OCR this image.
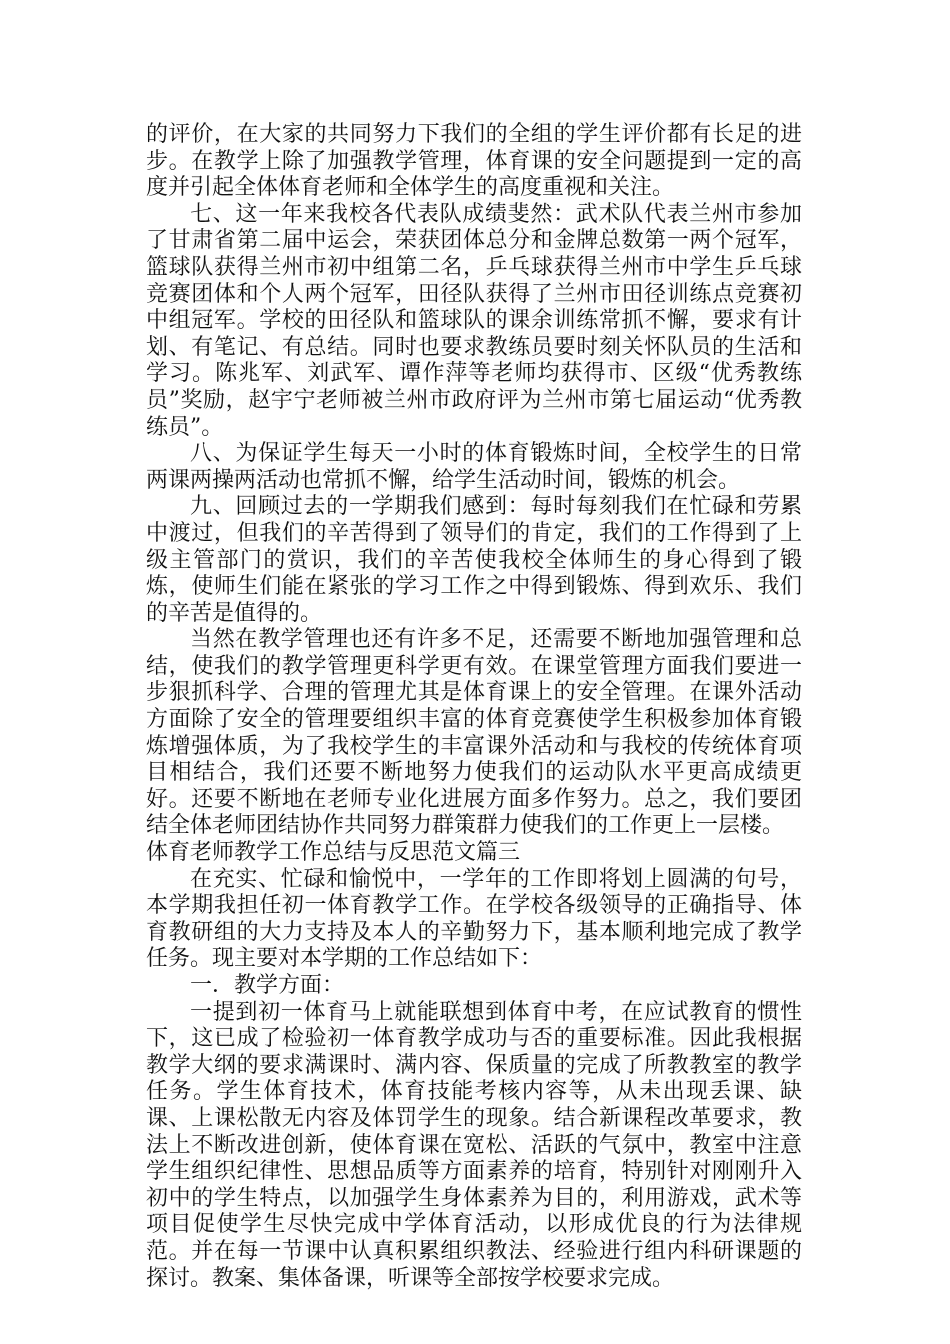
的评价，在大家的共同努力下我们的全组的学生评价都有长足的进步。在教学上除了加强教学管理，体育课的安全问题提到一定的高度并引起全体体育老师和全体学生的高度重视和关注。

七、这一年来我校各代表队成绩斐然：武术队代表兰州市参加了甘肃省第二届中运会，荣获团体总分和金牌总数第一两个冠军，篮球队获得兰州市初中组第二名，乒乓球获得兰州市中学生乒乓球竞赛团体和个人两个冠军，田径队获得了兰州市田径训练点竞赛初中组冠军。学校的田径队和篮球队的课余训练常抓不懈，要求有计划、有笔记、有总结。同时也要求教练员要时刻关怀队员的生活和学习。陈兆军、刘武军、谭作萍等老师均获得市、区级“优秀教练员”奖励，赵宇宁老师被兰州市政府评为兰州市第七届运动“优秀教练员”。

八、为保证学生每天一小时的体育锻炼时间，全校学生的日常两课两操两活动也常抓不懈，给学生活动时间，锻炼的机会。

九、回顾过去的一学期我们感到：每时每刻我们在忙碌和劳累中渡过，但我们的辛苦得到了领导们的肯定，我们的工作得到了上级主管部门的赏识，我们的辛苦使我校全体师生的身心得到了锻炼，使师生们能在紧张的学习工作之中得到锻炼、得到欢乐、我们的辛苦是值得的。

当然在教学管理也还有许多不足，还需要不断地加强管理和总结，使我们的教学管理更科学更有效。在课堂管理方面我们要进一步狠抓科学、合理的管理尤其是体育课上的安全管理。在课外活动方面除了安全的管理要组织丰富的体育竞赛使学生积极参加体育锻炼增强体质，为了我校学生的丰富课外活动和与我校的传统体育项目相结合，我们还要不断地努力使我们的运动队水平更高成绩更好。还要不断地在老师专业化进展方面多作努力。总之，我们要团结全体老师团结协作共同努力群策群力使我们的工作更上一层楼。

体育老师教学工作总结与反思范文篇三

在充实、忙碌和愉悦中，一学年的工作即将划上圆满的句号，本学期我担任初一体育教学工作。在学校各级领导的正确指导、体育教研组的大力支持及本人的辛勤努力下，基本顺利地完成了教学任务。现主要对本学期的工作总结如下：

一．教学方面：

一提到初一体育马上就能联想到体育中考，在应试教育的惯性下，这已成了检验初一体育教学成功与否的重要标准。因此我根据教学大纲的要求满课时、满内容、保质量的完成了所教教室的教学任务。学生体育技术，体育技能考核内容等，从未出现丢课、缺课、上课松散无内容及体罚学生的现象。结合新课程改革要求，教法上不断改进创新，使体育课在宽松、活跃的气氛中，教室中注意学生组织纪律性、思想品质等方面素养的培育，特别针对刚刚升入初中的学生特点，以加强学生身体素养为目的，利用游戏，武术等项目促使学生尽快完成中学体育活动，以形成优良的行为法律规范。并在每一节课中认真积累组织教法、经验进行组内科研课题的探讨。教案、集体备课，听课等全部按学校要求完成。
